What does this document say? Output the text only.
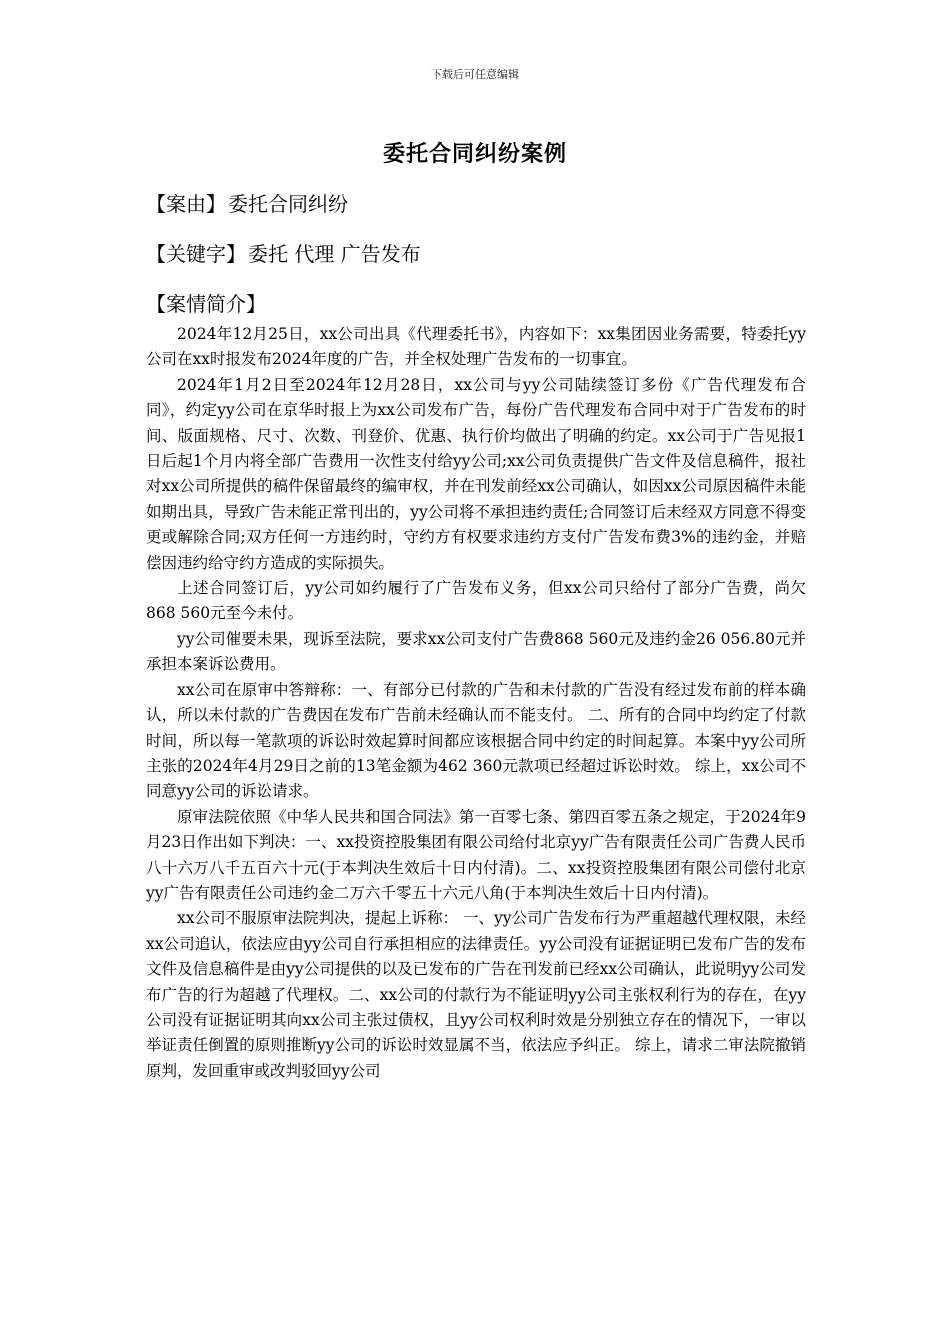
下载后可任意编辑
委托合同纠纷案例
【案由】 委托合同纠纷
【关键字】 委托 代理 广告发布
【案情简介】

2024年12月25日，xx公司出具《代理委托书》，内容如下：xx集团因业务需要，特委托yy公司在xx时报发布2024年度的广告，并全权处理广告发布的一切事宜。

2024年1月2日至2024年12月28日，xx公司与yy公司陆续签订多份《广告代理发布合同》，约定yy公司在京华时报上为xx公司发布广告，每份广告代理发布合同中对于广告发布的时间、版面规格、尺寸、次数、刊登价、优惠、执行价均做出了明确的约定。xx公司于广告见报1日后起1个月内将全部广告费用一次性支付给yy公司;xx公司负责提供广告文件及信息稿件，报社对xx公司所提供的稿件保留最终的编审权，并在刊发前经xx公司确认，如因xx公司原因稿件未能如期出具，导致广告未能正常刊出的，yy公司将不承担违约责任;合同签订后未经双方同意不得变更或解除合同;双方任何一方违约时，守约方有权要求违约方支付广告发布费3%的违约金，并赔偿因违约给守约方造成的实际损失。

上述合同签订后，yy公司如约履行了广告发布义务，但xx公司只给付了部分广告费，尚欠868 560元至今未付。

yy公司催要未果，现诉至法院，要求xx公司支付广告费868 560元及违约金26 056.80元并承担本案诉讼费用。

xx公司在原审中答辩称：一、有部分已付款的广告和未付款的广告没有经过发布前的样本确认，所以未付款的广告费因在发布广告前未经确认而不能支付。 二、所有的合同中均约定了付款时间，所以每一笔款项的诉讼时效起算时间都应该根据合同中约定的时间起算。本案中yy公司所主张的2024年4月29日之前的13笔金额为462 360元款项已经超过诉讼时效。 综上，xx公司不同意yy公司的诉讼请求。

原审法院依照《中华人民共和国合同法》第一百零七条、第四百零五条之规定，于2024年9月23日作出如下判决：一、xx投资控股集团有限公司给付北京yy广告有限责任公司广告费人民币八十六万八千五百六十元(于本判决生效后十日内付清)。二、xx投资控股集团有限公司偿付北京yy广告有限责任公司违约金二万六千零五十六元八角(于本判决生效后十日内付清)。

xx公司不服原审法院判决，提起上诉称： 一、yy公司广告发布行为严重超越代理权限，未经xx公司追认，依法应由yy公司自行承担相应的法律责任。yy公司没有证据证明已发布广告的发布文件及信息稿件是由yy公司提供的以及已发布的广告在刊发前已经xx公司确认，此说明yy公司发布广告的行为超越了代理权。二、xx公司的付款行为不能证明yy公司主张权利行为的存在，在yy公司没有证据证明其向xx公司主张过债权，且yy公司权利时效是分别独立存在的情况下，一审以举证责任倒置的原则推断yy公司的诉讼时效显属不当，依法应予纠正。 综上，请求二审法院撤销原判，发回重审或改判驳回yy公司
